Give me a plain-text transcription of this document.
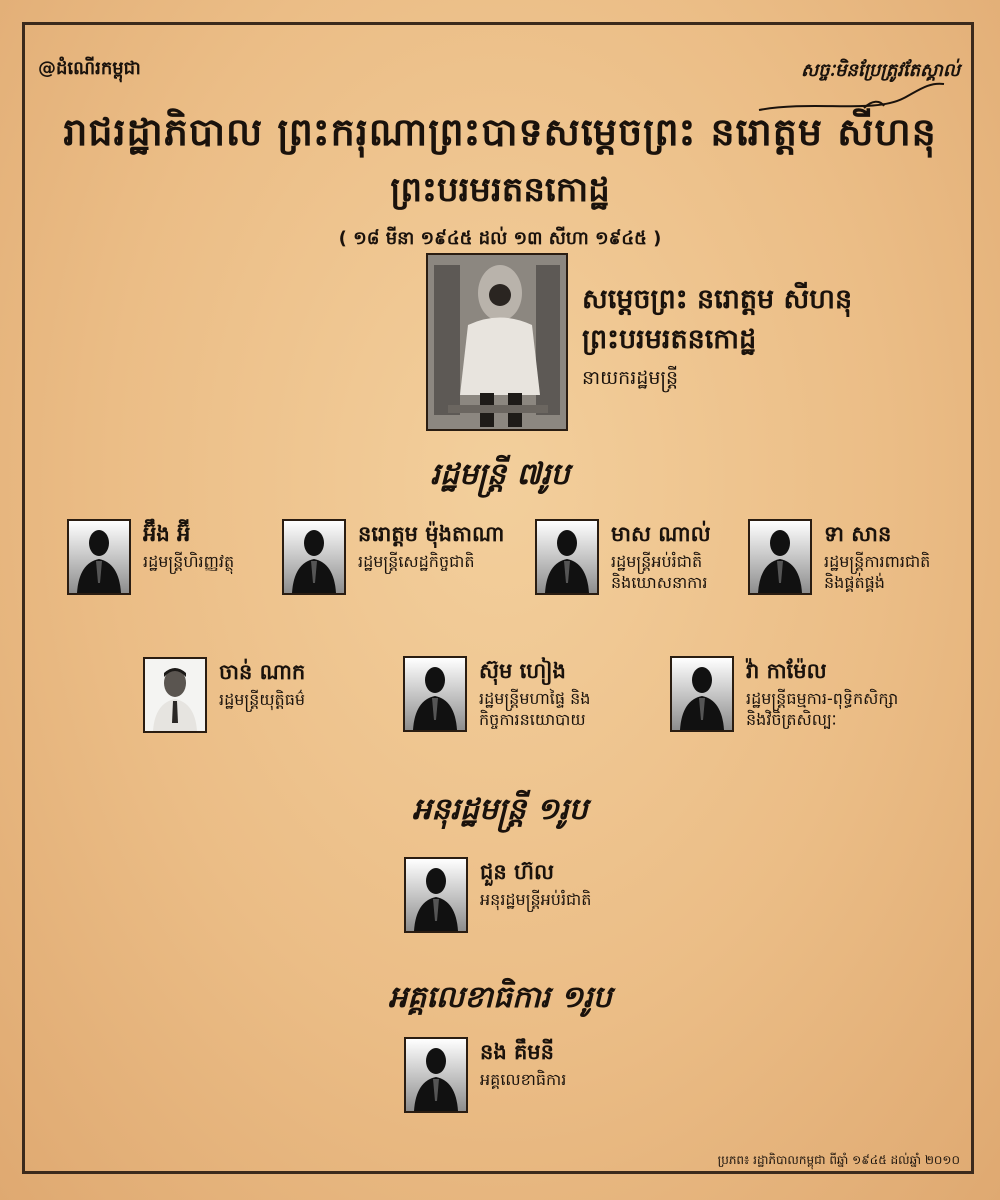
@ដំណើរកម្ពុជា	សច្ចៈមិនប្រែត្រូវតែស្គាល់
រាជរដ្ឋាភិបាល ព្រះករុណាព្រះបាទសម្តេចព្រះ នរោត្តម សីហនុ
ព្រះបរមរតនកោដ្ឋ
( ១៨ មីនា ១៩៤៥ ដល់ ១៣ សីហា ១៩៤៥ )
សម្តេចព្រះ នរោត្តម សីហនុ
ព្រះបរមរតនកោដ្ឋ
នាយករដ្ឋមន្រ្តី
រដ្ឋមន្រ្តី ៧រូប
អ៊ឹង អ៊ី
រដ្ឋមន្រ្តីហិរញ្ញវត្ថុ
នរោត្តម ម៉ុងតាណា
រដ្ឋមន្រ្តីសេដ្ឋកិច្ចជាតិ
មាស ណាល់
រដ្ឋមន្រ្តីអប់រំជាតិ
និងឃោសនាការ
ទា សាន
រដ្ឋមន្រ្តីការពារជាតិ
និងផ្គត់ផ្គង់
ចាន់ ណាក
រដ្ឋមន្រ្តីយុត្តិធម៌
ស៊ុម ហៀង
រដ្ឋមន្រ្តីមហាផ្ទៃ និង
កិច្ចការនយោបាយ
វ៉ា កាម៉ែល
រដ្ឋមន្រ្តីធម្មការ-ពុទ្ធិកសិក្សា
និងវិចិត្រសិល្បៈ
អនុរដ្ឋមន្រ្តី ១រូប
ជួន ហ៊ល
អនុរដ្ឋមន្រ្តីអប់រំជាតិ
អគ្គលេខាធិការ ១រូប
នង គឹមនី
អគ្គលេខាធិការ
ប្រភព៖ រដ្ឋាភិបាលកម្ពុជា ពីឆ្នាំ ១៩៤៥ ដល់ឆ្នាំ ២០១០
